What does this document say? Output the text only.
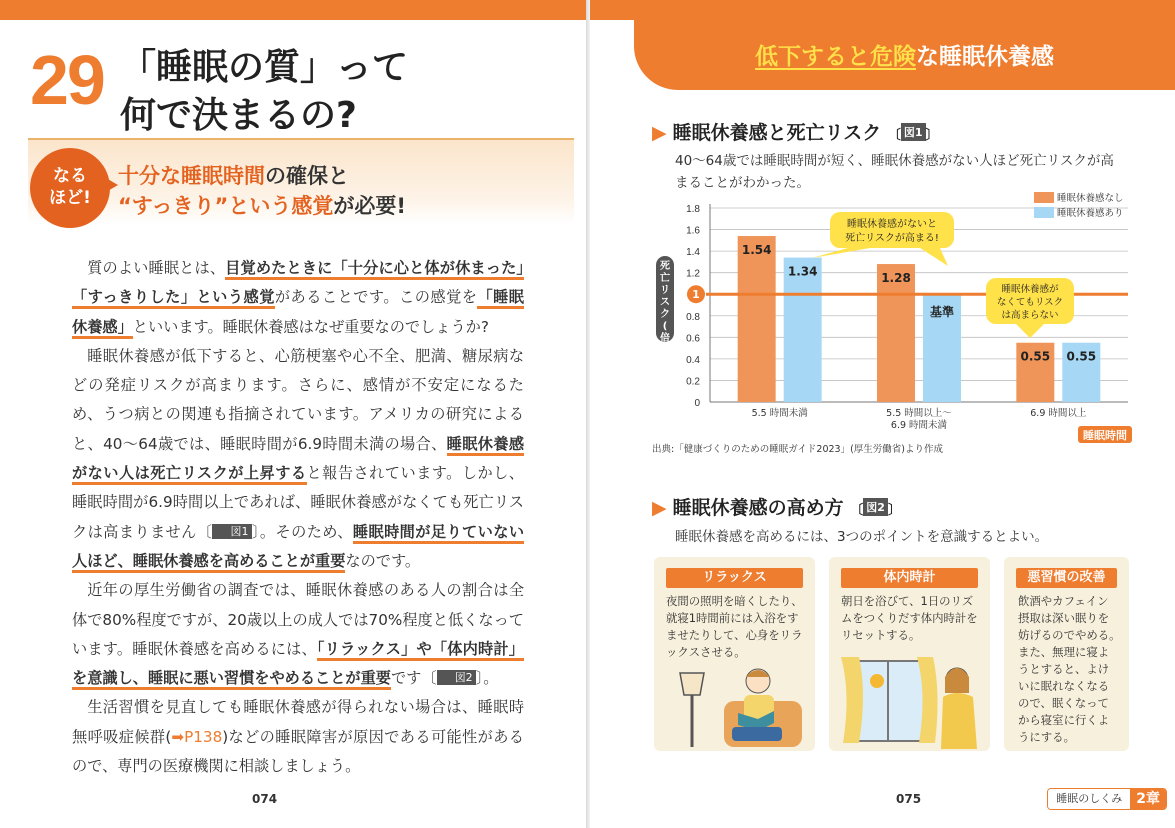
29 「睡眠の質」って
何で決まるの?
なる
ほど!
十分な睡眠時間の確保と
“すっきり”という感覚が必要!

質のよい睡眠とは、目覚めたときに「十分に心と体が休まった」「すっきりした」という感覚があることです。この感覚を「睡眠休養感」といいます。睡眠休養感はなぜ重要なのでしょうか?

睡眠休養感が低下すると、心筋梗塞や心不全、肥満、糖尿病などの発症リスクが高まります。さらに、感情が不安定になるため、うつ病との関連も指摘されています。アメリカの研究によると、40〜64歳では、睡眠時間が6.9時間未満の場合、睡眠休養感がない人は死亡リスクが上昇すると報告されています。しかし、睡眠時間が6.9時間以上であれば、睡眠休養感がなくても死亡リスクは高まりません〔 図1 〕。そのため、睡眠時間が足りていない人ほど、睡眠休養感を高めることが重要なのです。

近年の厚生労働省の調査では、睡眠休養感のある人の割合は全体で80%程度ですが、20歳以上の成人では70%程度と低くなっています。睡眠休養感を高めるには、「リラックス」や「体内時計」を意識し、睡眠に悪い習慣をやめることが重要です〔 図2 〕。

生活習慣を見直しても睡眠休養感が得られない場合は、睡眠時無呼吸症候群(➡P138)などの睡眠障害が原因である可能性があるので、専門の医療機関に相談しましょう。

074
低下すると危険な睡眠休養感
▶ 睡眠休養感と死亡リスク 〔 図1 〕
40〜64歳では睡眠時間が短く、睡眠休養感がない人ほど死亡リスクが高
まることがわかった。
0
0.2
0.4
0.6
0.8
1.2
1.4
1.6
1.8
1.54
1.34
5.5 時間未満
1.28
基準
5.5 時間以上〜
6.9 時間未満
0.55 0.55
6.9 時間以上
1
死
亡
リ
ス
ク
(
倍
)
睡眠時間
睡眠休養感なし
睡眠休養感あり
睡眠休養感がないと
死亡リスクが高まる!
睡眠休養感が
なくてもリスク
は高まらない
出典:「健康づくりのための睡眠ガイド2023」(厚生労働省)より作成
▶ 睡眠休養感の高め方 〔 図2 〕
睡眠休養感を高めるには、3つのポイントを意識するとよい。
リラックス
夜間の照明を暗くしたり、
就寝1時間前には入浴をす
ませたりして、心身をリラ
ックスさせる。
体内時計
朝日を浴びて、1日のリズ
ムをつくりだす体内時計を
リセットする。
悪習慣の改善
飲酒やカフェイン
摂取は深い眠りを
妨げるのでやめる。
また、無理に寝よ
うとすると、よけ
いに眠れなくなる
ので、眠くなって
から寝室に行くよ
うにする。
075	睡眠のしくみ	2章
